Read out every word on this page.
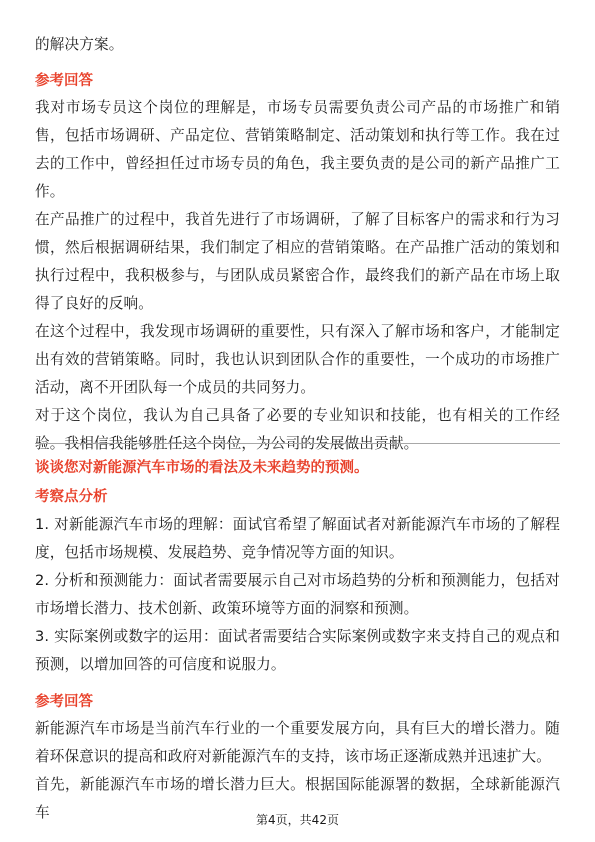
的解决方案。

参考回答

我对市场专员这个岗位的理解是，市场专员需要负责公司产品的市场推广和销售，包括市场调研、产品定位、营销策略制定、活动策划和执行等工作。我在过去的工作中，曾经担任过市场专员的角色，我主要负责的是公司的新产品推广工作。

在产品推广的过程中，我首先进行了市场调研，了解了目标客户的需求和行为习惯，然后根据调研结果，我们制定了相应的营销策略。在产品推广活动的策划和执行过程中，我积极参与，与团队成员紧密合作，最终我们的新产品在市场上取得了良好的反响。

在这个过程中，我发现市场调研的重要性，只有深入了解市场和客户，才能制定出有效的营销策略。同时，我也认识到团队合作的重要性，一个成功的市场推广活动，离不开团队每一个成员的共同努力。

对于这个岗位，我认为自己具备了必要的专业知识和技能，也有相关的工作经验。我相信我能够胜任这个岗位，为公司的发展做出贡献。

谈谈您对新能源汽车市场的看法及未来趋势的预测。

考察点分析

1. 对新能源汽车市场的理解：面试官希望了解面试者对新能源汽车市场的了解程度，包括市场规模、发展趋势、竞争情况等方面的知识。

2. 分析和预测能力：面试者需要展示自己对市场趋势的分析和预测能力，包括对市场增长潜力、技术创新、政策环境等方面的洞察和预测。

3. 实际案例或数字的运用：面试者需要结合实际案例或数字来支持自己的观点和预测，以增加回答的可信度和说服力。

参考回答

新能源汽车市场是当前汽车行业的一个重要发展方向，具有巨大的增长潜力。随着环保意识的提高和政府对新能源汽车的支持，该市场正逐渐成熟并迅速扩大。

首先，新能源汽车市场的增长潜力巨大。根据国际能源署的数据，全球新能源汽车	第4页，共42页
